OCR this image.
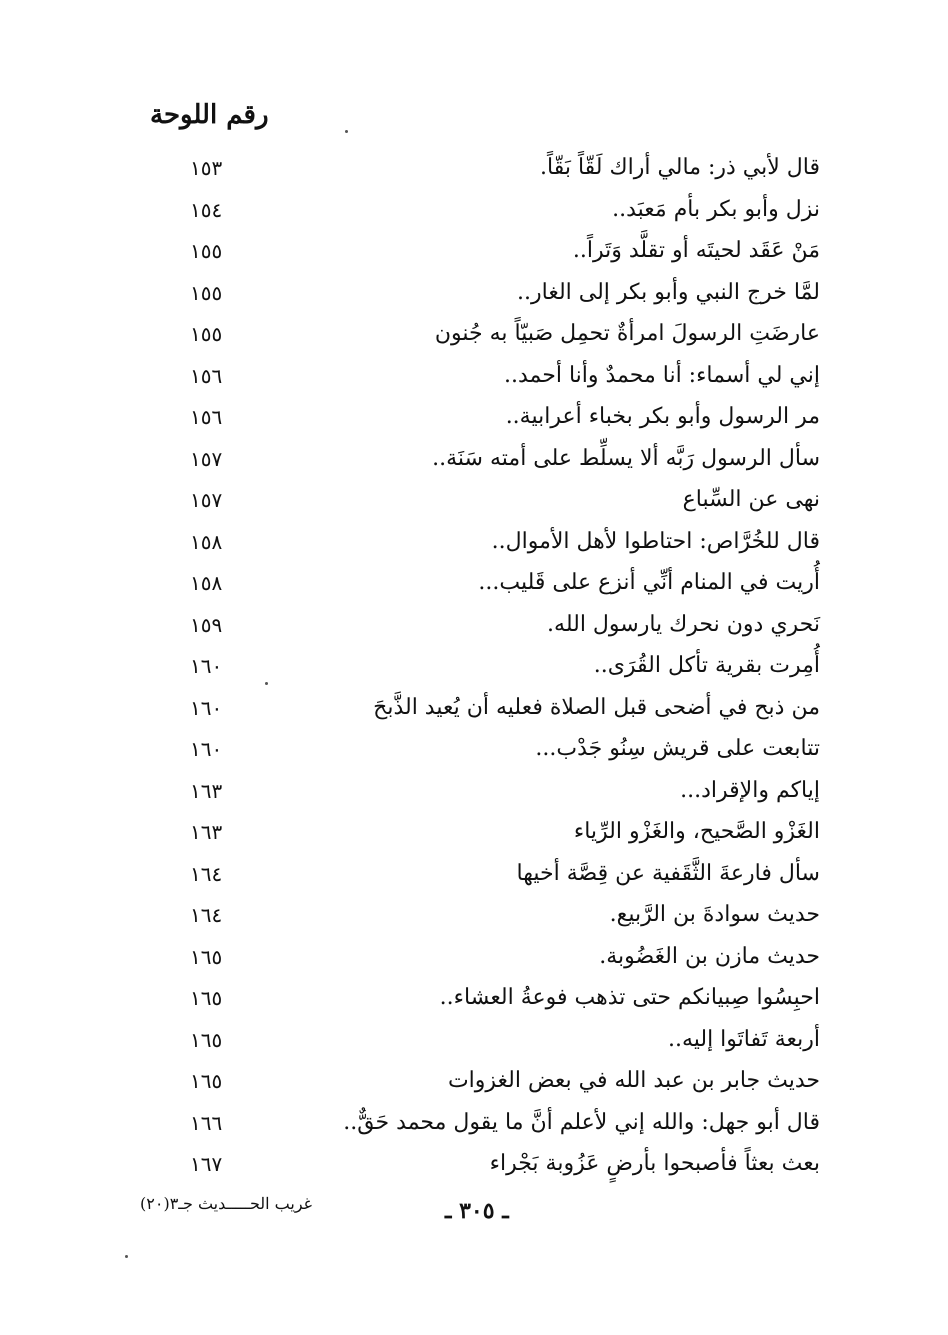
رقم اللوحة
قال لأبي ذر: مالي أراك لَقّاً بَقّاً.
١٥٣
نزل وأبو بكر بأم مَعبَد..
١٥٤
مَنْ عَقَد لحيتَه أو تقلَّد وَتَراً..
١٥٥
لمَّا خرج النبي وأبو بكر إلى الغار..
١٥٥
عارضَتِ الرسولَ امرأةٌ تحمِل صَبيّاً به جُنون
١٥٥
إني لي أسماء: أنا محمدٌ وأنا أحمد..
١٥٦
مر الرسول وأبو بكر بخباء أعرابية..
١٥٦
سأل الرسول رَبَّه ألا يسلِّط على أمته سَنَة..
١٥٧
نهى عن السِّباع
١٥٧
قال للخُرَّاص: احتاطوا لأهل الأموال..
١٥٨
أُريت في المنام أنِّي أنزع على قَليب...
١٥٨
نَحري دون نحرك يارسول الله.
١٥٩
أُمِرت بقرية تأكل القُرَى..
١٦٠
من ذبح في أضحى قبل الصلاة فعليه أن يُعيد الذَّبحَ
١٦٠
تتابعت على قريش سِنُو جَدْب...
١٦٠
إياكم والإقراد...
١٦٣
الغَزْو الصَّحيح، والغَزْو الرِّياء
١٦٣
سأل فارعةَ الثَّقَفية عن قِصَّة أخيها
١٦٤
حديث سوادةَ بن الرَّبيع.
١٦٤
حديث مازن بن الغَضُوبة.
١٦٥
احبِسُوا صِبيانكم حتى تذهب فوعةُ العشاء..
١٦٥
أربعة تَفاتَوا إليه..
١٦٥
حديث جابر بن عبد الله في بعض الغزوات
١٦٥
قال أبو جهل: والله إني لأعلم أنَّ ما يقول محمد حَقٌّ..
١٦٦
بعث بعثاً فأصبحوا بأرضٍ عَزُوبة بَجْراء
١٦٧
غريب الحـــــديث جـ٣(٢٠)	ـ ٣٠٥ ـ
